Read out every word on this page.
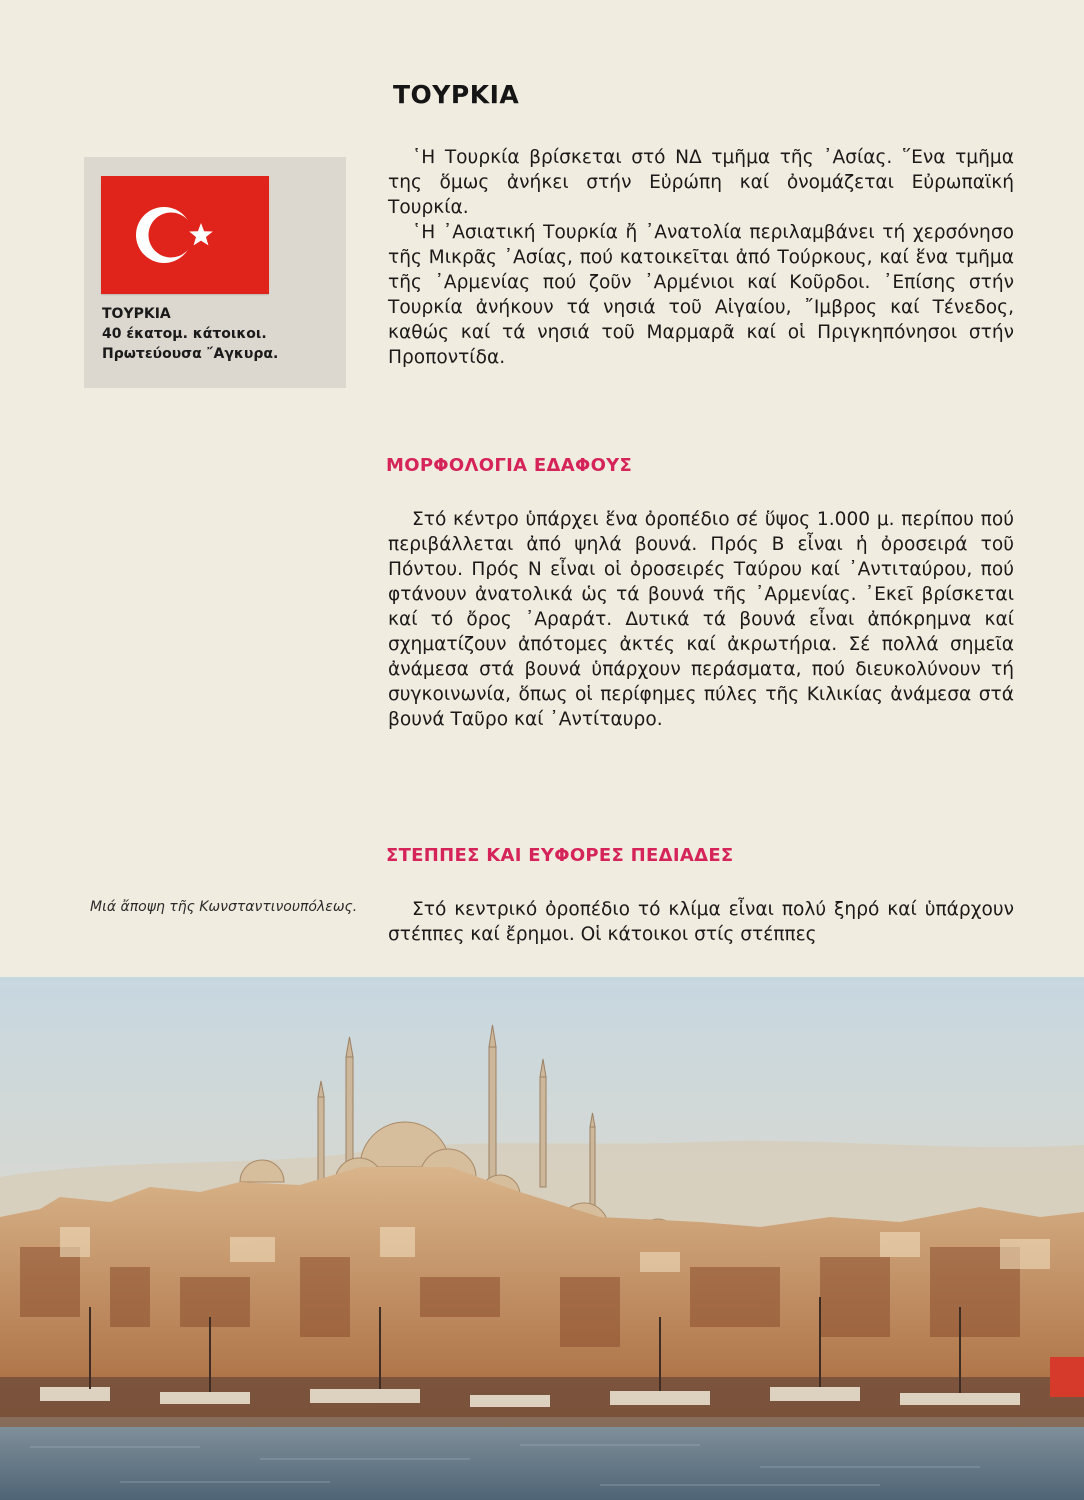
ΤΟΥΡΚΙΑ
ΤΟΥΡΚΙΑ
40 έκατομ. κάτοικοι.
Πρωτεύουσα ῎Αγκυρα.

῾Η Τουρκία βρίσκεται στό ΝΔ τμῆμα τῆς ᾽Ασίας. ῞Ενα τμῆμα της ὅμως ἀνήκει στήν Εὐρώπη καί ὀνομάζεται Εὐρωπαϊκή Τουρκία.

῾Η ᾽Ασιατική Τουρκία ἤ ᾽Ανατολία περιλαμβάνει τή χερσόνησο τῆς Μικρᾶς ᾽Ασίας, πού κατοικεῖται ἀπό Τούρκους, καί ἕνα τμῆμα τῆς ᾽Αρμενίας πού ζοῦν ᾽Αρμένιοι καί Κοῦρδοι. ᾽Επίσης στήν Τουρκία ἀνήκουν τά νησιά τοῦ Αἰγαίου, ῎Ιμβρος καί Τένεδος, καθώς καί τά νησιά τοῦ Μαρμαρᾶ καί οἱ Πριγκηπόνησοι στήν Προποντίδα.

ΜΟΡΦΟΛΟΓΙΑ ΕΔΑΦΟΥΣ

Στό κέντρο ὑπάρχει ἕνα ὀροπέδιο σέ ὕψος 1.000 μ. περίπου πού περιβάλλεται ἀπό ψηλά βουνά. Πρός Β εἶναι ἡ ὀροσειρά τοῦ Πόντου. Πρός Ν εἶναι οἱ ὀροσειρές Ταύρου καί ᾽Αντιταύρου, πού φτάνουν ἀνατολικά ὡς τά βουνά τῆς ᾽Αρμενίας. ᾽Εκεῖ βρίσκεται καί τό ὄρος ᾽Αραράτ. Δυτικά τά βουνά εἶναι ἀπόκρημνα καί σχηματίζουν ἀπότομες ἀκτές καί ἀκρωτήρια. Σέ πολλά σημεῖα ἀνάμεσα στά βουνά ὑπάρχουν περάσματα, πού διευκολύνουν τή συγκοινωνία, ὅπως οἱ περίφημες πύλες τῆς Κιλικίας ἀνάμεσα στά βουνά Ταῦρο καί ᾽Αντίταυρο.

ΣΤΕΠΠΕΣ ΚΑΙ ΕΥΦΟΡΕΣ ΠΕΔΙΑΔΕΣ

Στό κεντρικό ὀροπέδιο τό κλίμα εἶναι πολύ ξηρό καί ὑπάρχουν στέππες καί ἔρημοι. Οἱ κάτοικοι στίς στέππες

Μιά ἄποψη τῆς Κωνσταντινουπόλεως.
